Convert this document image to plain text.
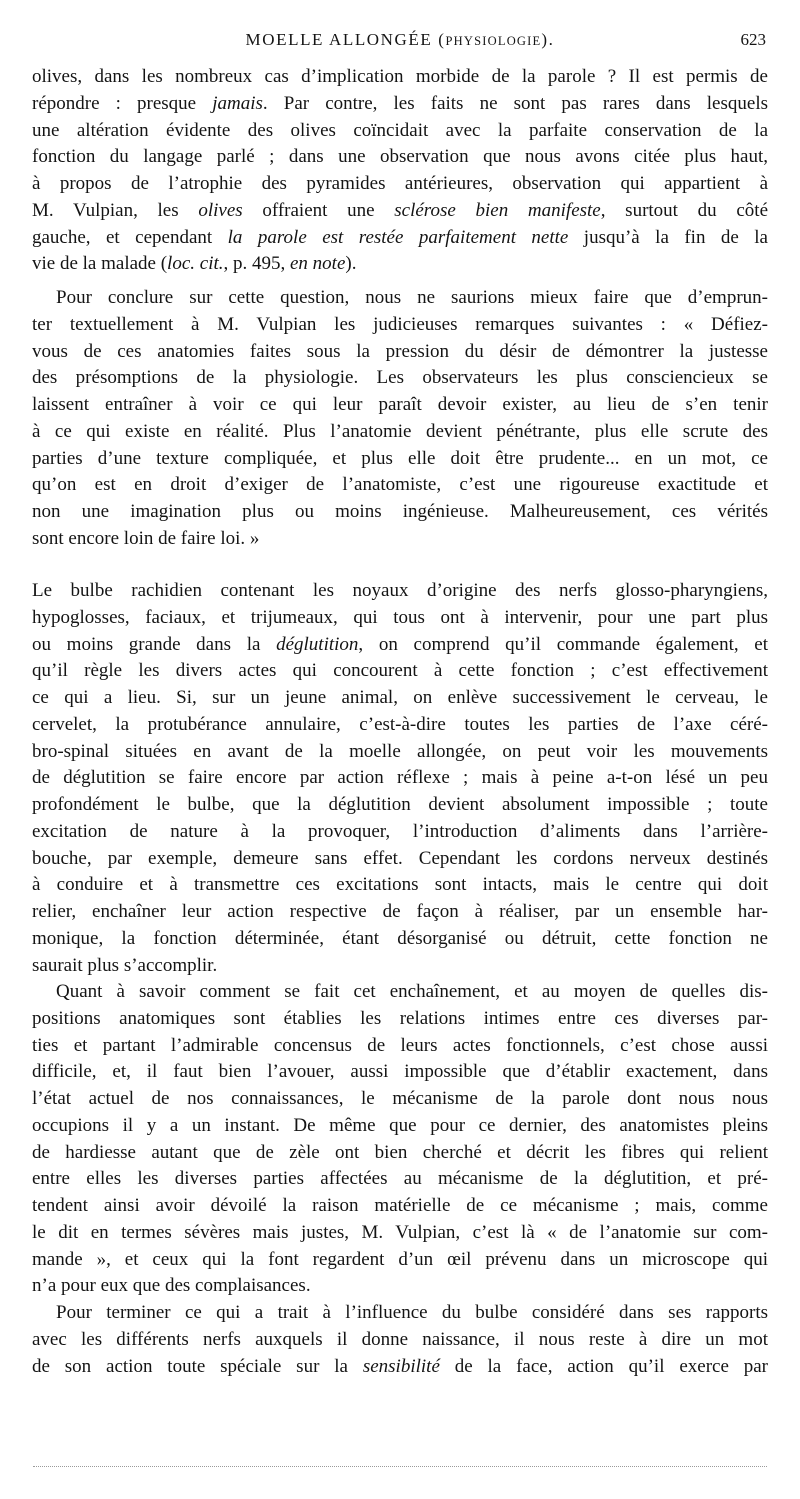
MOELLE ALLONGÉE (PHYSIOLOGIE).	623
olives, dans les nombreux cas d’implication morbide de la parole ? Il est permis de
répondre : presque jamais. Par contre, les faits ne sont pas rares dans lesquels
une altération évidente des olives coïncidait avec la parfaite conservation de la
fonction du langage parlé ; dans une observation que nous avons citée plus haut,
à propos de l’atrophie des pyramides antérieures, observation qui appartient à
M. Vulpian, les olives offraient une sclérose bien manifeste, surtout du côté
gauche, et cependant la parole est restée parfaitement nette jusqu’à la fin de la
vie de la malade (loc. cit., p. 495, en note).
Pour conclure sur cette question, nous ne saurions mieux faire que d’emprun-
ter textuellement à M. Vulpian les judicieuses remarques suivantes : « Défiez-
vous de ces anatomies faites sous la pression du désir de démontrer la justesse
des présomptions de la physiologie. Les observateurs les plus consciencieux se
laissent entraîner à voir ce qui leur paraît devoir exister, au lieu de s’en tenir
à ce qui existe en réalité. Plus l’anatomie devient pénétrante, plus elle scrute des
parties d’une texture compliquée, et plus elle doit être prudente... en un mot, ce
qu’on est en droit d’exiger de l’anatomiste, c’est une rigoureuse exactitude et
non une imagination plus ou moins ingénieuse. Malheureusement, ces vérités
sont encore loin de faire loi. »
Le bulbe rachidien contenant les noyaux d’origine des nerfs glosso-pharyngiens,
hypoglosses, faciaux, et trijumeaux, qui tous ont à intervenir, pour une part plus
ou moins grande dans la déglutition, on comprend qu’il commande également, et
qu’il règle les divers actes qui concourent à cette fonction ; c’est effectivement
ce qui a lieu. Si, sur un jeune animal, on enlève successivement le cerveau, le
cervelet, la protubérance annulaire, c’est-à-dire toutes les parties de l’axe céré-
bro-spinal situées en avant de la moelle allongée, on peut voir les mouvements
de déglutition se faire encore par action réflexe ; mais à peine a-t-on lésé un peu
profondément le bulbe, que la déglutition devient absolument impossible ; toute
excitation de nature à la provoquer, l’introduction d’aliments dans l’arrière-
bouche, par exemple, demeure sans effet. Cependant les cordons nerveux destinés
à conduire et à transmettre ces excitations sont intacts, mais le centre qui doit
relier, enchaîner leur action respective de façon à réaliser, par un ensemble har-
monique, la fonction déterminée, étant désorganisé ou détruit, cette fonction ne
saurait plus s’accomplir.
Quant à savoir comment se fait cet enchaînement, et au moyen de quelles dis-
positions anatomiques sont établies les relations intimes entre ces diverses par-
ties et partant l’admirable concensus de leurs actes fonctionnels, c’est chose aussi
difficile, et, il faut bien l’avouer, aussi impossible que d’établir exactement, dans
l’état actuel de nos connaissances, le mécanisme de la parole dont nous nous
occupions il y a un instant. De même que pour ce dernier, des anatomistes pleins
de hardiesse autant que de zèle ont bien cherché et décrit les fibres qui relient
entre elles les diverses parties affectées au mécanisme de la déglutition, et pré-
tendent ainsi avoir dévoilé la raison matérielle de ce mécanisme ; mais, comme
le dit en termes sévères mais justes, M. Vulpian, c’est là « de l’anatomie sur com-
mande », et ceux qui la font regardent d’un œil prévenu dans un microscope qui
n’a pour eux que des complaisances.
Pour terminer ce qui a trait à l’influence du bulbe considéré dans ses rapports
avec les différents nerfs auxquels il donne naissance, il nous reste à dire un mot
de son action toute spéciale sur la sensibilité de la face, action qu’il exerce par
